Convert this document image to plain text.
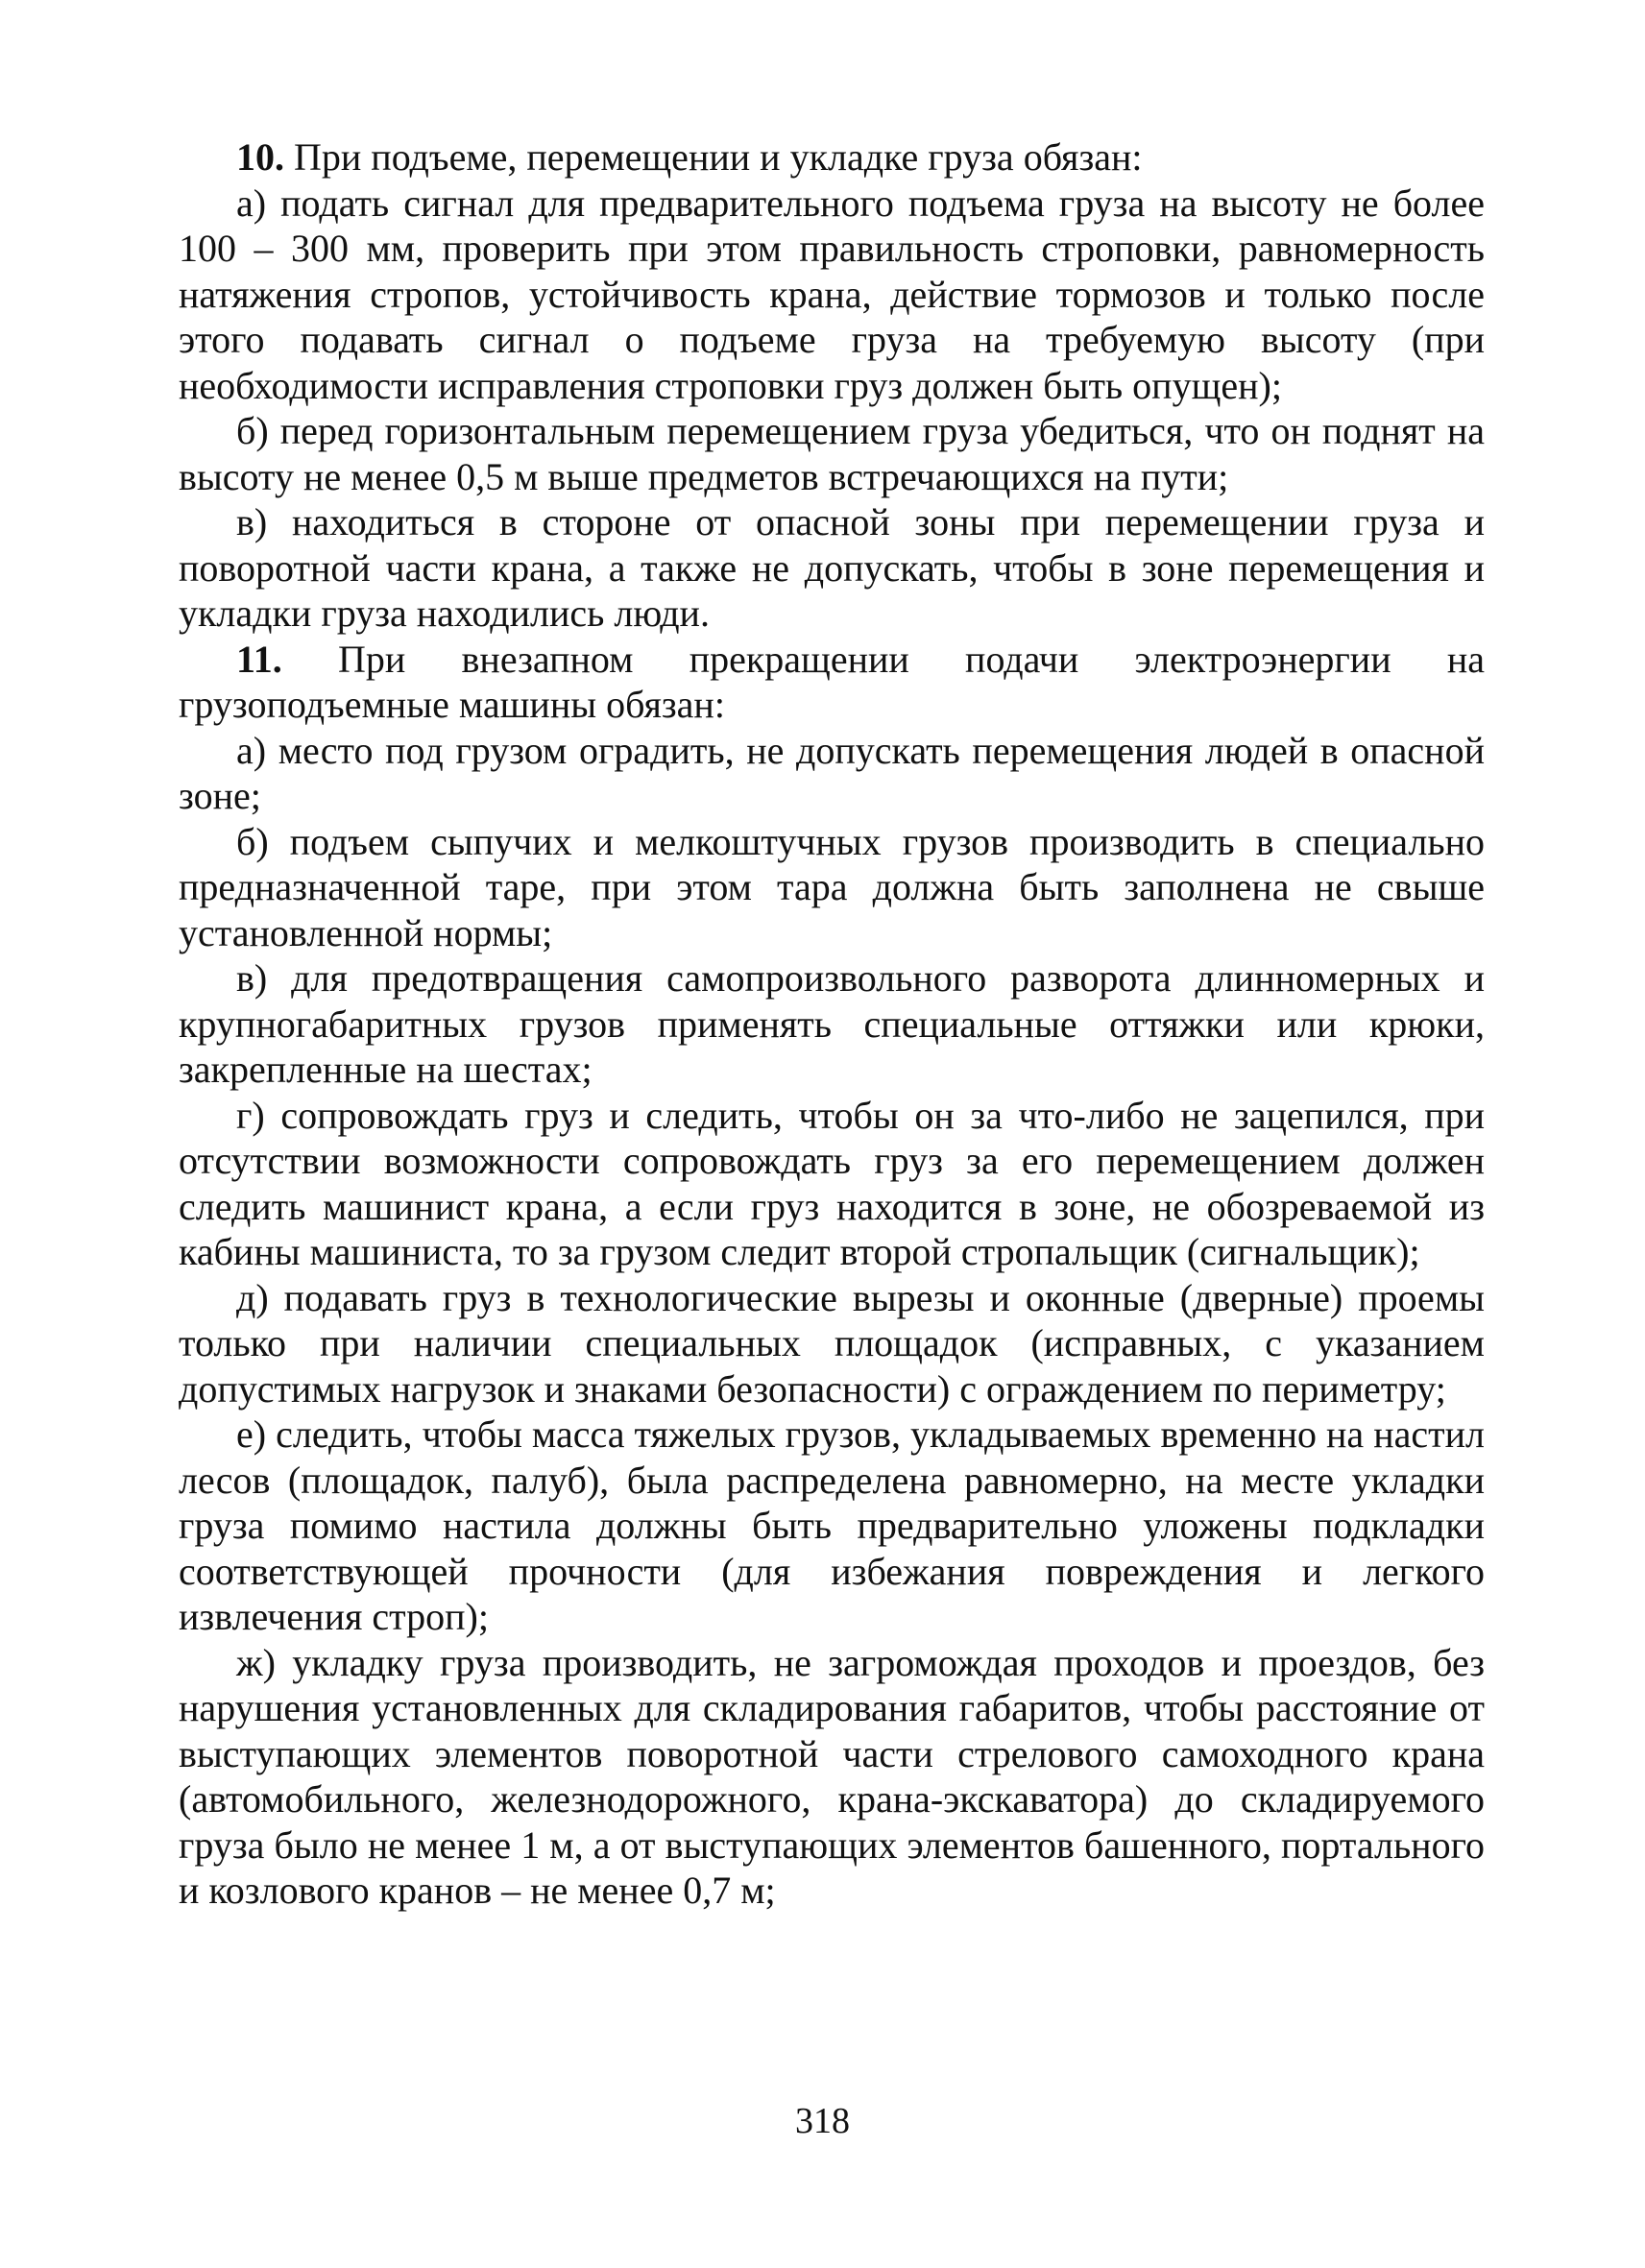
10. При подъеме, перемещении и укладке груза обязан:

а) подать сигнал для предварительного подъема груза на высоту не более 100 – 300 мм, проверить при этом правильность строповки, равномерность натяжения стропов, устойчивость крана, действие тормозов и только после этого подавать сигнал о подъеме груза на требуемую высоту (при необходимости исправления строповки груз должен быть опущен);

б) перед горизонтальным перемещением груза убедиться, что он поднят на высоту не менее 0,5 м выше предметов встречающихся на пути;

в) находиться в стороне от опасной зоны при перемещении груза и поворотной части крана, а также не допускать, чтобы в зоне перемещения и укладки груза находились люди.

11. При внезапном прекращении подачи электроэнергии на грузоподъемные машины обязан:

а) место под грузом оградить, не допускать перемещения людей в опасной зоне;

б) подъем сыпучих и мелкоштучных грузов производить в специально предназначенной таре, при этом тара должна быть заполнена не свыше установленной нормы;

в) для предотвращения самопроизвольного разворота длинномерных и крупногабаритных грузов применять специальные оттяжки или крюки, закрепленные на шестах;

г) сопровождать груз и следить, чтобы он за что-либо не зацепился, при отсутствии возможности сопровождать груз за его перемещением должен следить машинист крана, а если груз находится в зоне, не обозреваемой из кабины машиниста, то за грузом следит второй стропальщик (сигнальщик);

д) подавать груз в технологические вырезы и оконные (дверные) проемы только при наличии специальных площадок (исправных, с указанием допустимых нагрузок и знаками безопасности) с ограждением по периметру;

е) следить, чтобы масса тяжелых грузов, укладываемых временно на настил лесов (площадок, палуб), была распределена равномерно, на месте укладки груза помимо настила должны быть предварительно уложены подкладки соответствующей прочности (для избежания повреждения и легкого извлечения строп);

ж) укладку груза производить, не загромождая проходов и проездов, без нарушения установленных для складирования габаритов, чтобы расстояние от выступающих элементов поворотной части стрелового самоходного крана (автомобильного, железнодорожного, крана-экскаватора) до складируемого груза было не менее 1 м, а от выступающих элементов башенного, портального и козлового кранов – не менее 0,7 м;

318
